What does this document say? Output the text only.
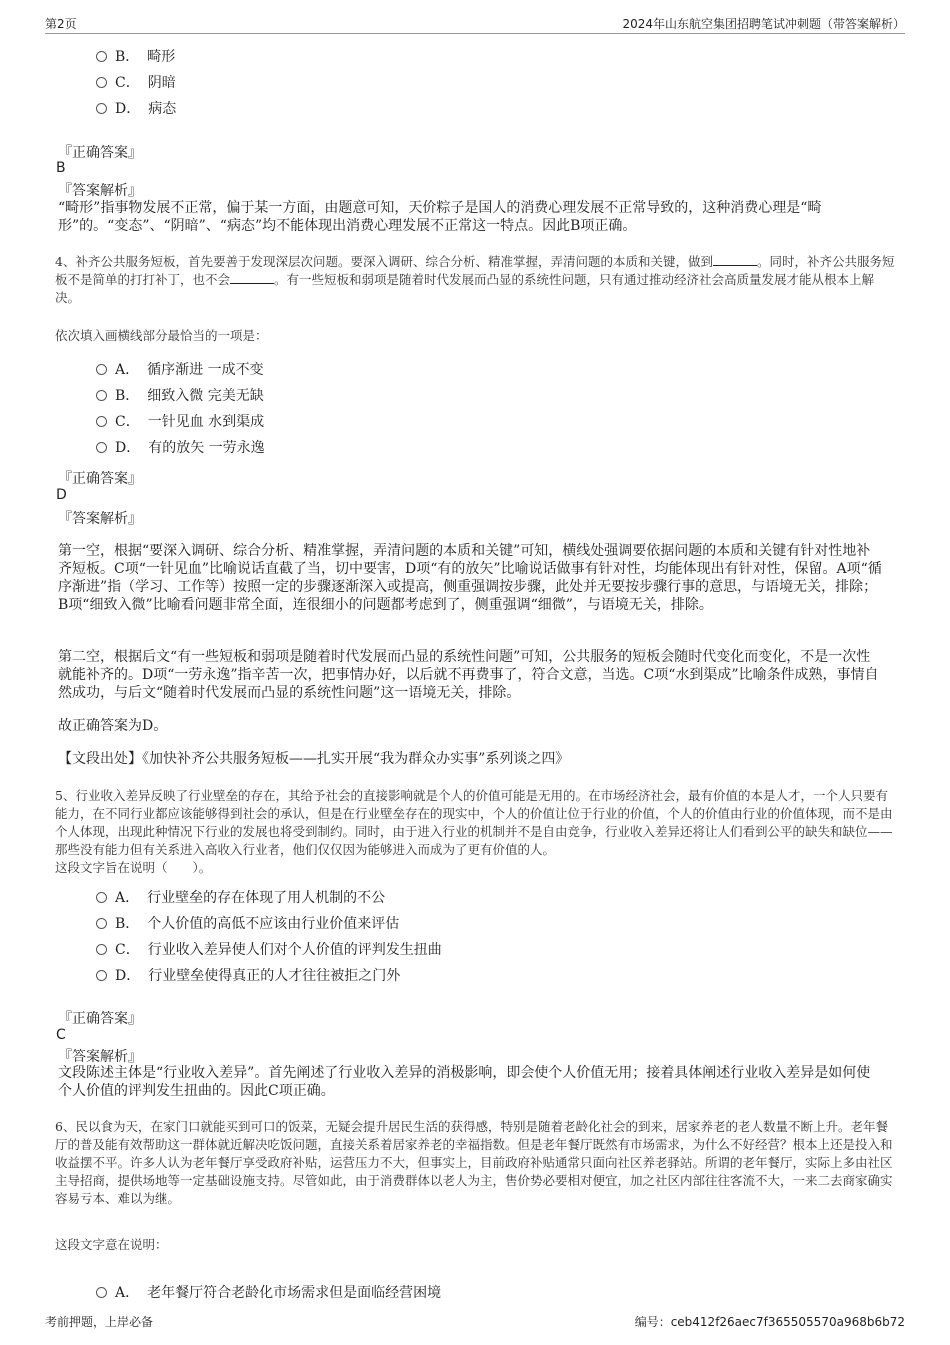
第2页	2024年山东航空集团招聘笔试冲刺题（带答案解析）
B． 畸形
C． 阴暗
D． 病态
『正确答案』
B
『答案解析』
“畸形”指事物发展不正常，偏于某一方面，由题意可知，天价粽子是国人的消费心理发展不正常导致的，这种消费心理是“畸形”的。“变态”、“阴暗”、“病态”均不能体现出消费心理发展不正常这一特点。因此B项正确。
4、补齐公共服务短板，首先要善于发现深层次问题。要深入调研、综合分析、精准掌握，弄清问题的本质和关键，做到	。同时，补齐公共服务短板不是简单的打打补丁，也不会	。有一些短板和弱项是随着时代发展而凸显的系统性问题，只有通过推动经济社会高质量发展才能从根本上解决。
依次填入画横线部分最恰当的一项是：
A． 循序渐进 一成不变
B． 细致入微 完美无缺
C． 一针见血 水到渠成
D． 有的放矢 一劳永逸
『正确答案』
D
『答案解析』
第一空，根据“要深入调研、综合分析、精准掌握，弄清问题的本质和关键”可知，横线处强调要依据问题的本质和关键有针对性地补齐短板。C项“一针见血”比喻说话直截了当，切中要害，D项“有的放矢”比喻说话做事有针对性，均能体现出有针对性，保留。A项“循序渐进”指（学习、工作等）按照一定的步骤逐渐深入或提高，侧重强调按步骤，此处并无要按步骤行事的意思，与语境无关，排除；B项“细致入微”比喻看问题非常全面，连很细小的问题都考虑到了，侧重强调“细微”，与语境无关，排除。
第二空，根据后文“有一些短板和弱项是随着时代发展而凸显的系统性问题”可知，公共服务的短板会随时代变化而变化，不是一次性就能补齐的。D项“一劳永逸”指辛苦一次，把事情办好，以后就不再费事了，符合文意，当选。C项“水到渠成”比喻条件成熟，事情自然成功，与后文“随着时代发展而凸显的系统性问题”这一语境无关，排除。
故正确答案为D。
【文段出处】《加快补齐公共服务短板——扎实开展“我为群众办实事”系列谈之四》
5、行业收入差异反映了行业壁垒的存在，其给予社会的直接影响就是个人的价值可能是无用的。在市场经济社会，最有价值的本是人才，一个人只要有能力，在不同行业都应该能够得到社会的承认，但是在行业壁垒存在的现实中，个人的价值让位于行业的价值，个人的价值由行业的价值体现，而不是由个人体现，出现此种情况下行业的发展也将受到制约。同时，由于进入行业的机制并不是自由竞争，行业收入差异还将让人们看到公平的缺失和缺位——那些没有能力但有关系进入高收入行业者，他们仅仅因为能够进入而成为了更有价值的人。
这段文字旨在说明（　　）。
A． 行业壁垒的存在体现了用人机制的不公
B． 个人价值的高低不应该由行业价值来评估
C． 行业收入差异使人们对个人价值的评判发生扭曲
D． 行业壁垒使得真正的人才往往被拒之门外
『正确答案』
C
『答案解析』
文段陈述主体是“行业收入差异”。首先阐述了行业收入差异的消极影响，即会使个人价值无用；接着具体阐述行业收入差异是如何使个人价值的评判发生扭曲的。因此C项正确。
6、民以食为天，在家门口就能买到可口的饭菜，无疑会提升居民生活的获得感，特别是随着老龄化社会的到来，居家养老的老人数量不断上升。老年餐厅的普及能有效帮助这一群体就近解决吃饭问题，直接关系着居家养老的幸福指数。但是老年餐厅既然有市场需求，为什么不好经营？根本上还是投入和收益摆不平。许多人认为老年餐厅享受政府补贴，运营压力不大，但事实上，目前政府补贴通常只面向社区养老驿站。所谓的老年餐厅，实际上多由社区主导招商，提供场地等一定基础设施支持。尽管如此，由于消费群体以老人为主，售价势必要相对便宜，加之社区内部往往客流不大，一来二去商家确实容易亏本、难以为继。
这段文字意在说明：
A． 老年餐厅符合老龄化市场需求但是面临经营困境
考前押题，上岸必备	编号：ceb412f26aec7f365505570a968b6b72
